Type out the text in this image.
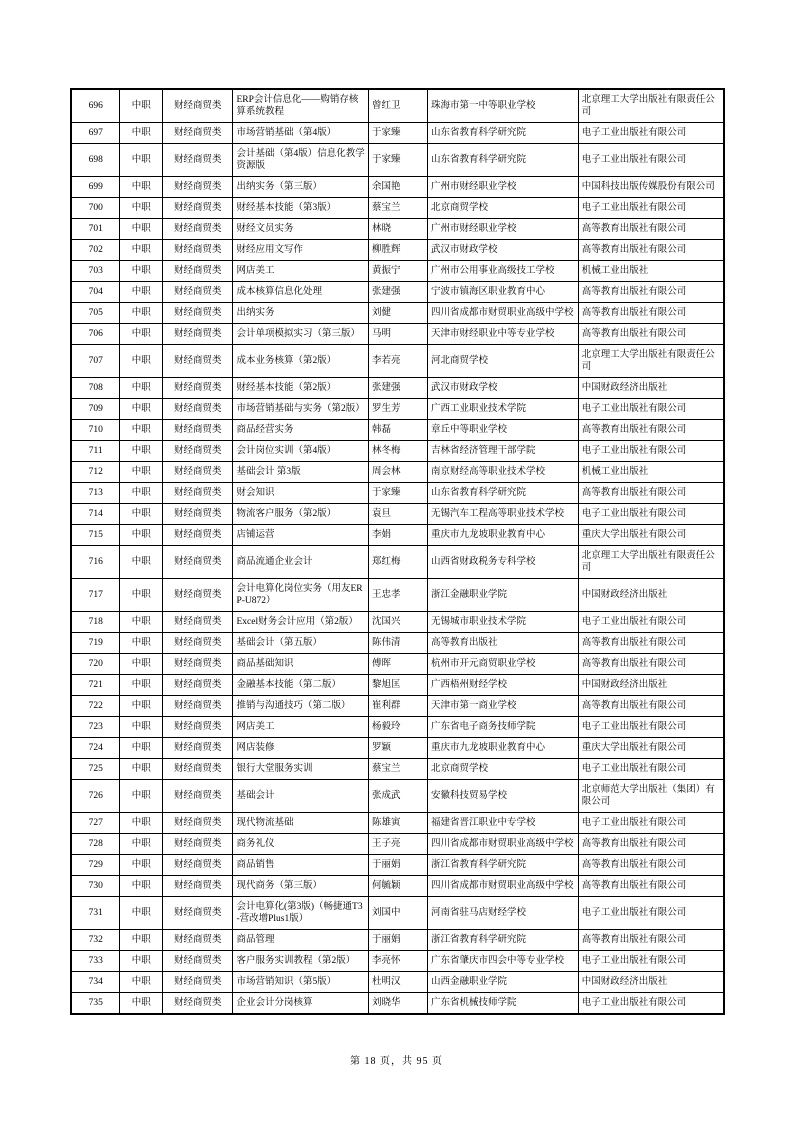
696	中职	财经商贸类	ERP会计信息化——购销存核算系统教程	曾红卫	珠海市第一中等职业学校	北京理工大学出版社有限责任公司
697	中职	财经商贸类	市场营销基础（第4版）	于家臻	山东省教育科学研究院	电子工业出版社有限公司
698	中职	财经商贸类	会计基础（第4版）信息化教学资源版	于家臻	山东省教育科学研究院	电子工业出版社有限公司
699	中职	财经商贸类	出纳实务（第三版）	余国艳	广州市财经职业学校	中国科技出版传媒股份有限公司
700	中职	财经商贸类	财经基本技能（第3版）	蔡宝兰	北京商贸学校	电子工业出版社有限公司
701	中职	财经商贸类	财经文员实务	林晓	广州市财经职业学校	高等教育出版社有限公司
702	中职	财经商贸类	财经应用文写作	柳胜辉	武汉市财政学校	高等教育出版社有限公司
703	中职	财经商贸类	网店美工	黄振宁	广州市公用事业高级技工学校	机械工业出版社
704	中职	财经商贸类	成本核算信息化处理	张建强	宁波市镇海区职业教育中心	高等教育出版社有限公司
705	中职	财经商贸类	出纳实务	刘健	四川省成都市财贸职业高级中学校	高等教育出版社有限公司
706	中职	财经商贸类	会计单项模拟实习（第三版）	马明	天津市财经职业中等专业学校	高等教育出版社有限公司
707	中职	财经商贸类	成本业务核算（第2版）	李若亮	河北商贸学校	北京理工大学出版社有限责任公司
708	中职	财经商贸类	财经基本技能（第2版）	张建强	武汉市财政学校	中国财政经济出版社
709	中职	财经商贸类	市场营销基础与实务（第2版）	罗生芳	广西工业职业技术学院	电子工业出版社有限公司
710	中职	财经商贸类	商品经营实务	韩磊	章丘中等职业学校	高等教育出版社有限公司
711	中职	财经商贸类	会计岗位实训（第4版）	林冬梅	吉林省经济管理干部学院	电子工业出版社有限公司
712	中职	财经商贸类	基础会计 第3版	周会林	南京财经高等职业技术学校	机械工业出版社
713	中职	财经商贸类	财会知识	于家臻	山东省教育科学研究院	高等教育出版社有限公司
714	中职	财经商贸类	物流客户服务（第2版）	袁旦	无锡汽车工程高等职业技术学校	电子工业出版社有限公司
715	中职	财经商贸类	店铺运营	李娟	重庆市九龙坡职业教育中心	重庆大学出版社有限公司
716	中职	财经商贸类	商品流通企业会计	郑红梅	山西省财政税务专科学校	北京理工大学出版社有限责任公司
717	中职	财经商贸类	会计电算化岗位实务（用友ERP-U872）	王忠孝	浙江金融职业学院	中国财政经济出版社
718	中职	财经商贸类	Excel财务会计应用（第2版）	沈国兴	无锡城市职业技术学院	电子工业出版社有限公司
719	中职	财经商贸类	基础会计（第五版）	陈伟清	高等教育出版社	高等教育出版社有限公司
720	中职	财经商贸类	商品基础知识	傅晖	杭州市开元商贸职业学校	高等教育出版社有限公司
721	中职	财经商贸类	金融基本技能（第二版）	黎旭匡	广西梧州财经学校	中国财政经济出版社
722	中职	财经商贸类	推销与沟通技巧（第二版）	崔利群	天津市第一商业学校	高等教育出版社有限公司
723	中职	财经商贸类	网店美工	杨毅玲	广东省电子商务技师学院	电子工业出版社有限公司
724	中职	财经商贸类	网店装修	罗颖	重庆市九龙坡职业教育中心	重庆大学出版社有限公司
725	中职	财经商贸类	银行大堂服务实训	蔡宝兰	北京商贸学校	电子工业出版社有限公司
726	中职	财经商贸类	基础会计	张成武	安徽科技贸易学校	北京师范大学出版社（集团）有限公司
727	中职	财经商贸类	现代物流基础	陈雄寅	福建省晋江职业中专学校	电子工业出版社有限公司
728	中职	财经商贸类	商务礼仪	王子亮	四川省成都市财贸职业高级中学校	高等教育出版社有限公司
729	中职	财经商贸类	商品销售	于丽娟	浙江省教育科学研究院	高等教育出版社有限公司
730	中职	财经商贸类	现代商务（第三版）	何毓颖	四川省成都市财贸职业高级中学校	高等教育出版社有限公司
731	中职	财经商贸类	会计电算化(第3版)（畅捷通T3-营改增Plus1版）	刘国中	河南省驻马店财经学校	电子工业出版社有限公司
732	中职	财经商贸类	商品管理	于丽娟	浙江省教育科学研究院	高等教育出版社有限公司
733	中职	财经商贸类	客户服务实训教程（第2版）	李亮怀	广东省肇庆市四会中等专业学校	电子工业出版社有限公司
734	中职	财经商贸类	市场营销知识（第5版）	杜明汉	山西金融职业学院	中国财政经济出版社
735	中职	财经商贸类	企业会计分岗核算	刘晓华	广东省机械技师学院	电子工业出版社有限公司
第 18 页，共 95 页
